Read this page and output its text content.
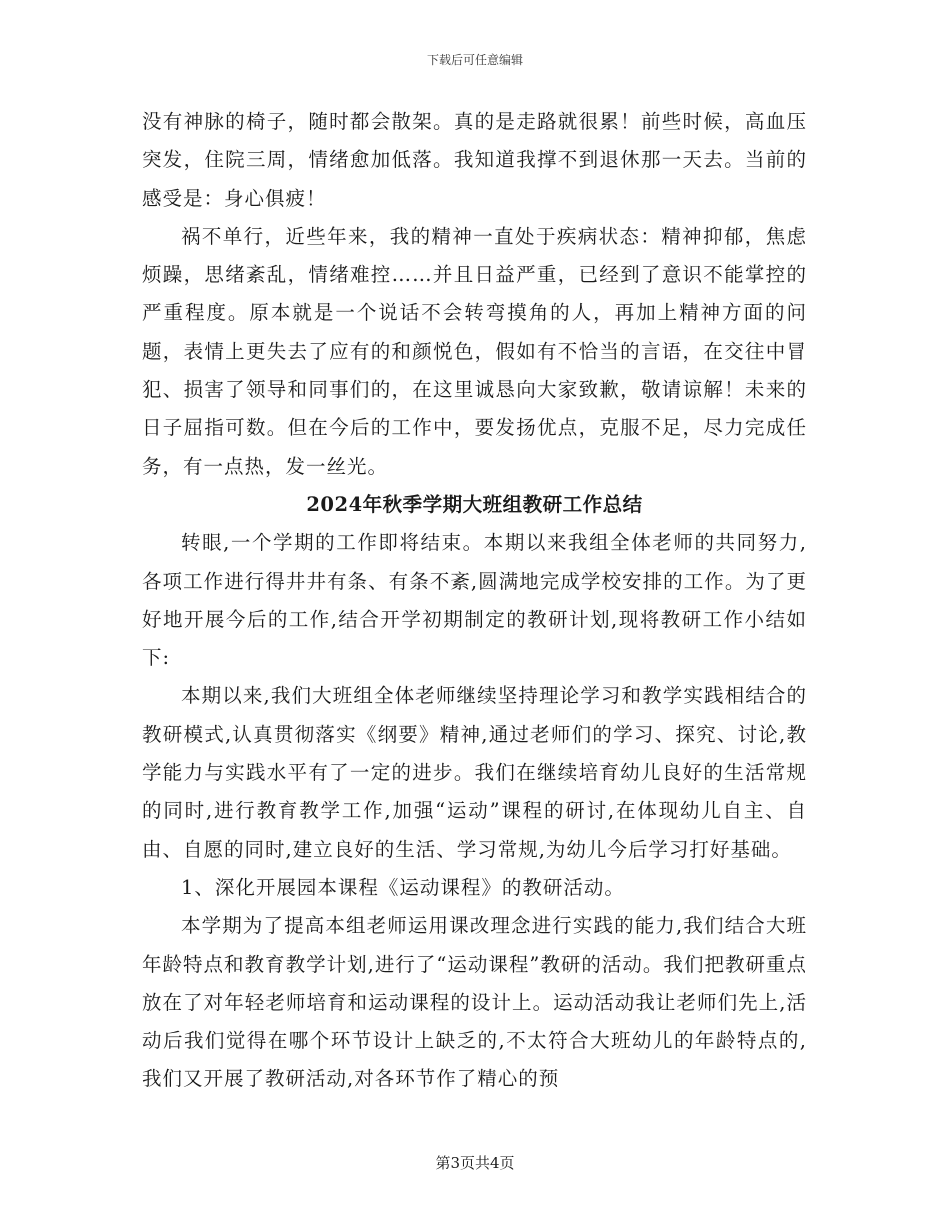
下载后可任意编辑

没有神脉的椅子，随时都会散架。真的是走路就很累！前些时候，高血压突发，住院三周，情绪愈加低落。我知道我撑不到退休那一天去。当前的感受是：身心俱疲！

祸不单行，近些年来，我的精神一直处于疾病状态：精神抑郁，焦虑烦躁，思绪紊乱，情绪难控……并且日益严重，已经到了意识不能掌控的严重程度。原本就是一个说话不会转弯摸角的人，再加上精神方面的问题，表情上更失去了应有的和颜悦色，假如有不恰当的言语，在交往中冒犯、损害了领导和同事们的，在这里诚恳向大家致歉，敬请谅解！未来的日子屈指可数。但在今后的工作中，要发扬优点，克服不足，尽力完成任务，有一点热，发一丝光。

2024年秋季学期大班组教研工作总结

转眼,一个学期的工作即将结束。本期以来我组全体老师的共同努力,各项工作进行得井井有条、有条不紊,圆满地完成学校安排的工作。为了更好地开展今后的工作,结合开学初期制定的教研计划,现将教研工作小结如下:

本期以来,我们大班组全体老师继续坚持理论学习和教学实践相结合的教研模式,认真贯彻落实《纲要》精神,通过老师们的学习、探究、讨论,教学能力与实践水平有了一定的进步。我们在继续培育幼儿良好的生活常规的同时,进行教育教学工作,加强“运动”课程的研讨,在体现幼儿自主、自由、自愿的同时,建立良好的生活、学习常规,为幼儿今后学习打好基础。

1、深化开展园本课程《运动课程》的教研活动。

本学期为了提高本组老师运用课改理念进行实践的能力,我们结合大班年龄特点和教育教学计划,进行了“运动课程”教研的活动。我们把教研重点放在了对年轻老师培育和运动课程的设计上。运动活动我让老师们先上,活动后我们觉得在哪个环节设计上缺乏的,不太符合大班幼儿的年龄特点的,我们又开展了教研活动,对各环节作了精心的预

第3页共4页
